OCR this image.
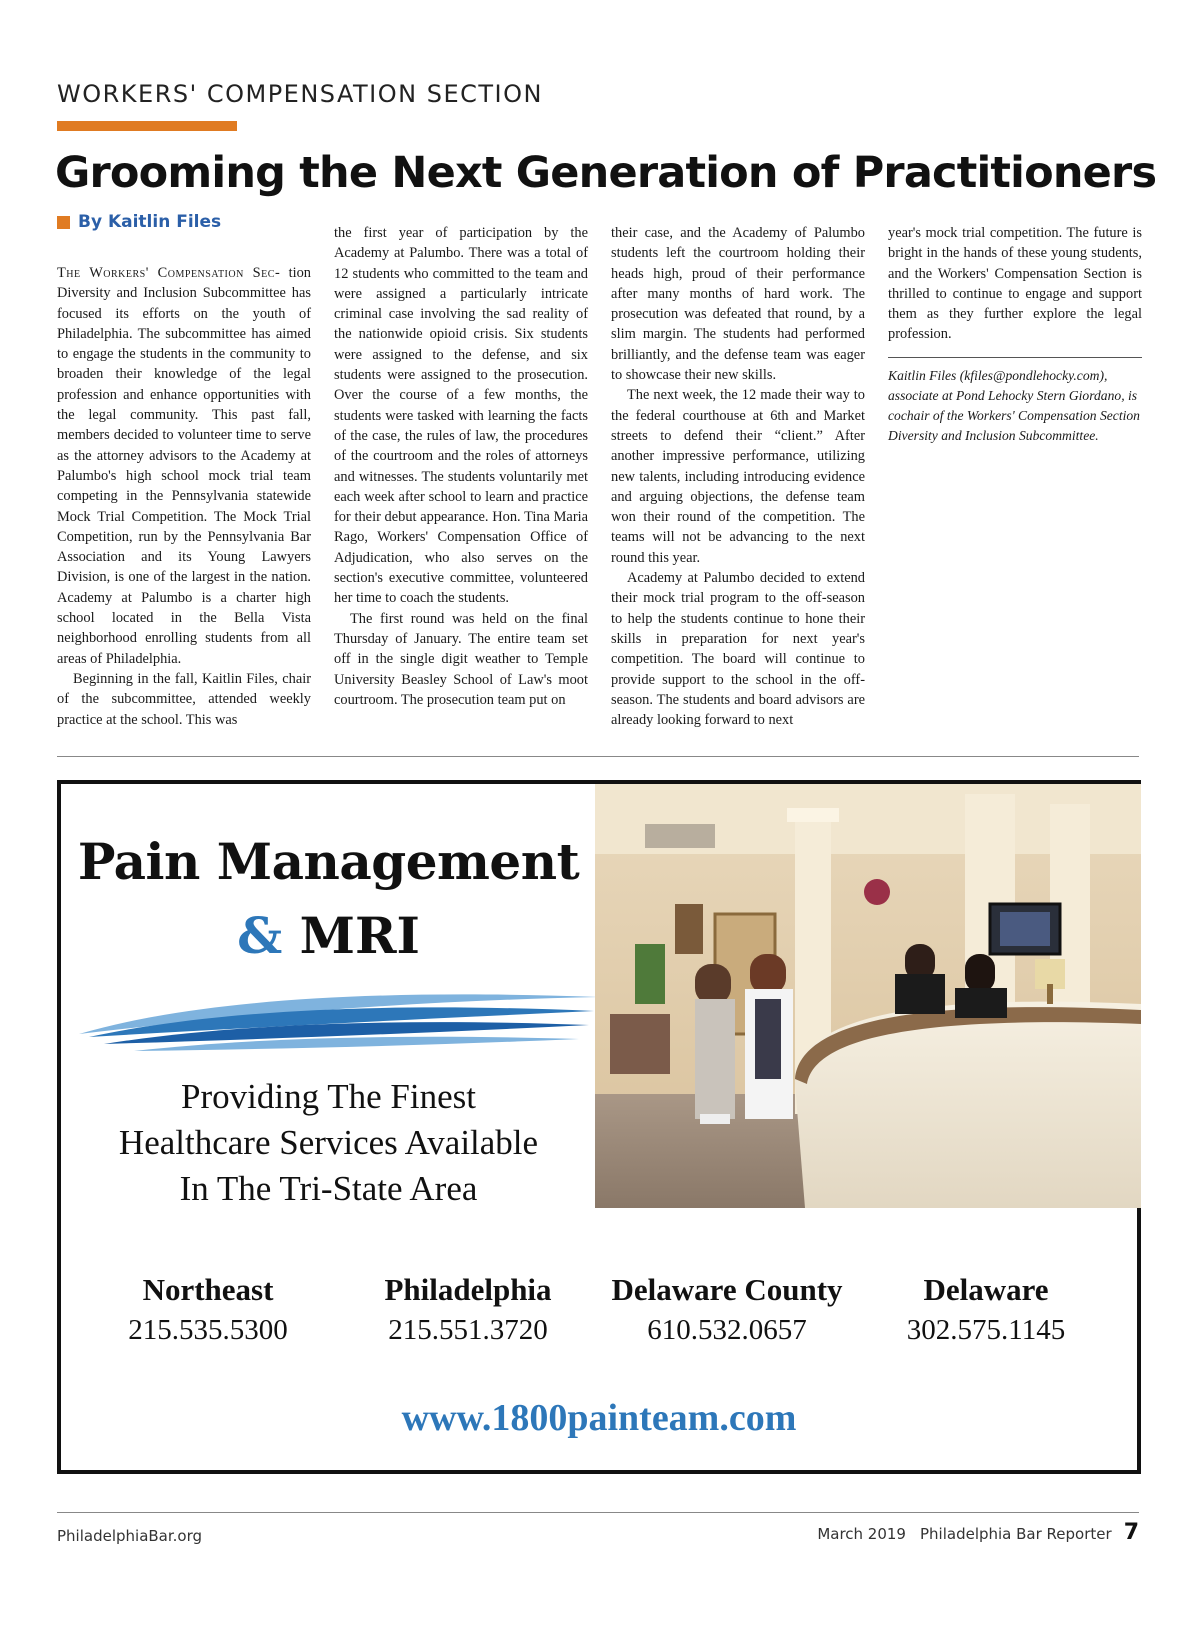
WORKERS' COMPENSATION SECTION
Grooming the Next Generation of Practitioners
By Kaitlin Files

The Workers' Compensation Sec- tion Diversity and Inclusion Subcommittee has focused its efforts on the youth of Philadelphia. The subcommittee has aimed to engage the students in the community to broaden their knowledge of the legal profession and enhance opportunities with the legal community. This past fall, members decided to volunteer time to serve as the attorney advisors to the Academy at Palumbo's high school mock trial team competing in the Pennsylvania statewide Mock Trial Competition. The Mock Trial Competition, run by the Pennsylvania Bar Association and its Young Lawyers Division, is one of the largest in the nation. Academy at Palumbo is a charter high school located in the Bella Vista neighborhood enrolling students from all areas of Philadelphia.

Beginning in the fall, Kaitlin Files, chair of the subcommittee, attended weekly practice at the school. This was

the first year of participation by the Academy at Palumbo. There was a total of 12 students who committed to the team and were assigned a particularly intricate criminal case involving the sad reality of the nationwide opioid crisis. Six students were assigned to the defense, and six students were assigned to the prosecution. Over the course of a few months, the students were tasked with learning the facts of the case, the rules of law, the procedures of the courtroom and the roles of attorneys and witnesses. The students voluntarily met each week after school to learn and practice for their debut appearance. Hon. Tina Maria Rago, Workers' Compensation Office of Adjudication, who also serves on the section's executive committee, volunteered her time to coach the students.

The first round was held on the final Thursday of January. The entire team set off in the single digit weather to Temple University Beasley School of Law's moot courtroom. The prosecution team put on

their case, and the Academy of Palumbo students left the courtroom holding their heads high, proud of their performance after many months of hard work. The prosecution was defeated that round, by a slim margin. The students had performed brilliantly, and the defense team was eager to showcase their new skills.

The next week, the 12 made their way to the federal courthouse at 6th and Market streets to defend their “client.” After another impressive performance, utilizing new talents, including introducing evidence and arguing objections, the defense team won their round of the competition. The teams will not be advancing to the next round this year.

Academy at Palumbo decided to extend their mock trial program to the off-season to help the students continue to hone their skills in preparation for next year's competition. The board will continue to provide support to the school in the off-season. The students and board advisors are already looking forward to next

year's mock trial competition. The future is bright in the hands of these young students, and the Workers' Compensation Section is thrilled to continue to engage and support them as they further explore the legal profession.

Kaitlin Files (kfiles@pondlehocky.com), associate at Pond Lehocky Stern Giordano, is cochair of the Workers' Compensation Section Diversity and Inclusion Subcommittee.

Pain Management
& MRI
Providing The Finest
Healthcare Services Available
In The Tri-State Area
Northeast
215.535.5300
Philadelphia
215.551.3720
Delaware County
610.532.0657
Delaware
302.575.1145
www.1800painteam.com
PhiladelphiaBar.org	March 2019 Philadelphia Bar Reporter 7
